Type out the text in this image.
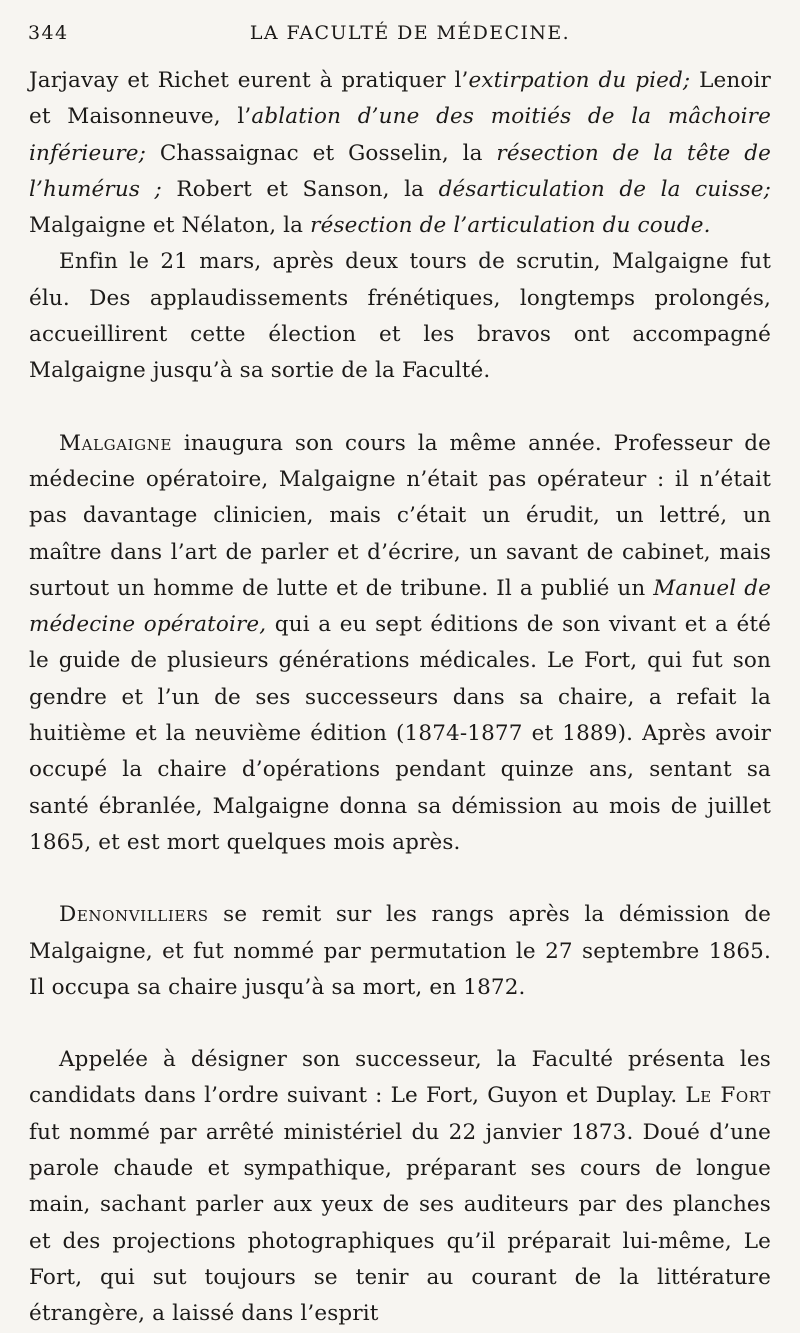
344	LA FACULTÉ DE MÉDECINE.

Jarjavay et Richet eurent à pratiquer l’extirpation du pied; Lenoir et Maisonneuve, l’ablation d’une des moitiés de la mâchoire inférieure; Chassaignac et Gosselin, la résection de la tête de l’humérus ; Robert et Sanson, la désarticulation de la cuisse; Malgaigne et Nélaton, la résection de l’articulation du coude.

Enfin le 21 mars, après deux tours de scrutin, Malgaigne fut élu. Des applaudissements frénétiques, longtemps prolongés, accueillirent cette élection et les bravos ont accompagné Malgaigne jusqu’à sa sortie de la Faculté.

Malgaigne inaugura son cours la même année. Professeur de médecine opératoire, Malgaigne n’était pas opérateur : il n’était pas davantage clinicien, mais c’était un érudit, un lettré, un maître dans l’art de parler et d’écrire, un savant de cabinet, mais surtout un homme de lutte et de tribune. Il a publié un Manuel de médecine opératoire, qui a eu sept éditions de son vivant et a été le guide de plusieurs générations médicales. Le Fort, qui fut son gendre et l’un de ses successeurs dans sa chaire, a refait la huitième et la neuvième édition (1874-1877 et 1889). Après avoir occupé la chaire d’opérations pendant quinze ans, sentant sa santé ébranlée, Malgaigne donna sa démission au mois de juillet 1865, et est mort quelques mois après.

Denonvilliers se remit sur les rangs après la démission de Malgaigne, et fut nommé par permutation le 27 septembre 1865. Il occupa sa chaire jusqu’à sa mort, en 1872.

Appelée à désigner son successeur, la Faculté présenta les candidats dans l’ordre suivant : Le Fort, Guyon et Duplay. Le Fort fut nommé par arrêté ministériel du 22 janvier 1873. Doué d’une parole chaude et sympathique, préparant ses cours de longue main, sachant parler aux yeux de ses auditeurs par des planches et des projections photographiques qu’il préparait lui-même, Le Fort, qui sut toujours se tenir au courant de la littérature étrangère, a laissé dans l’esprit
